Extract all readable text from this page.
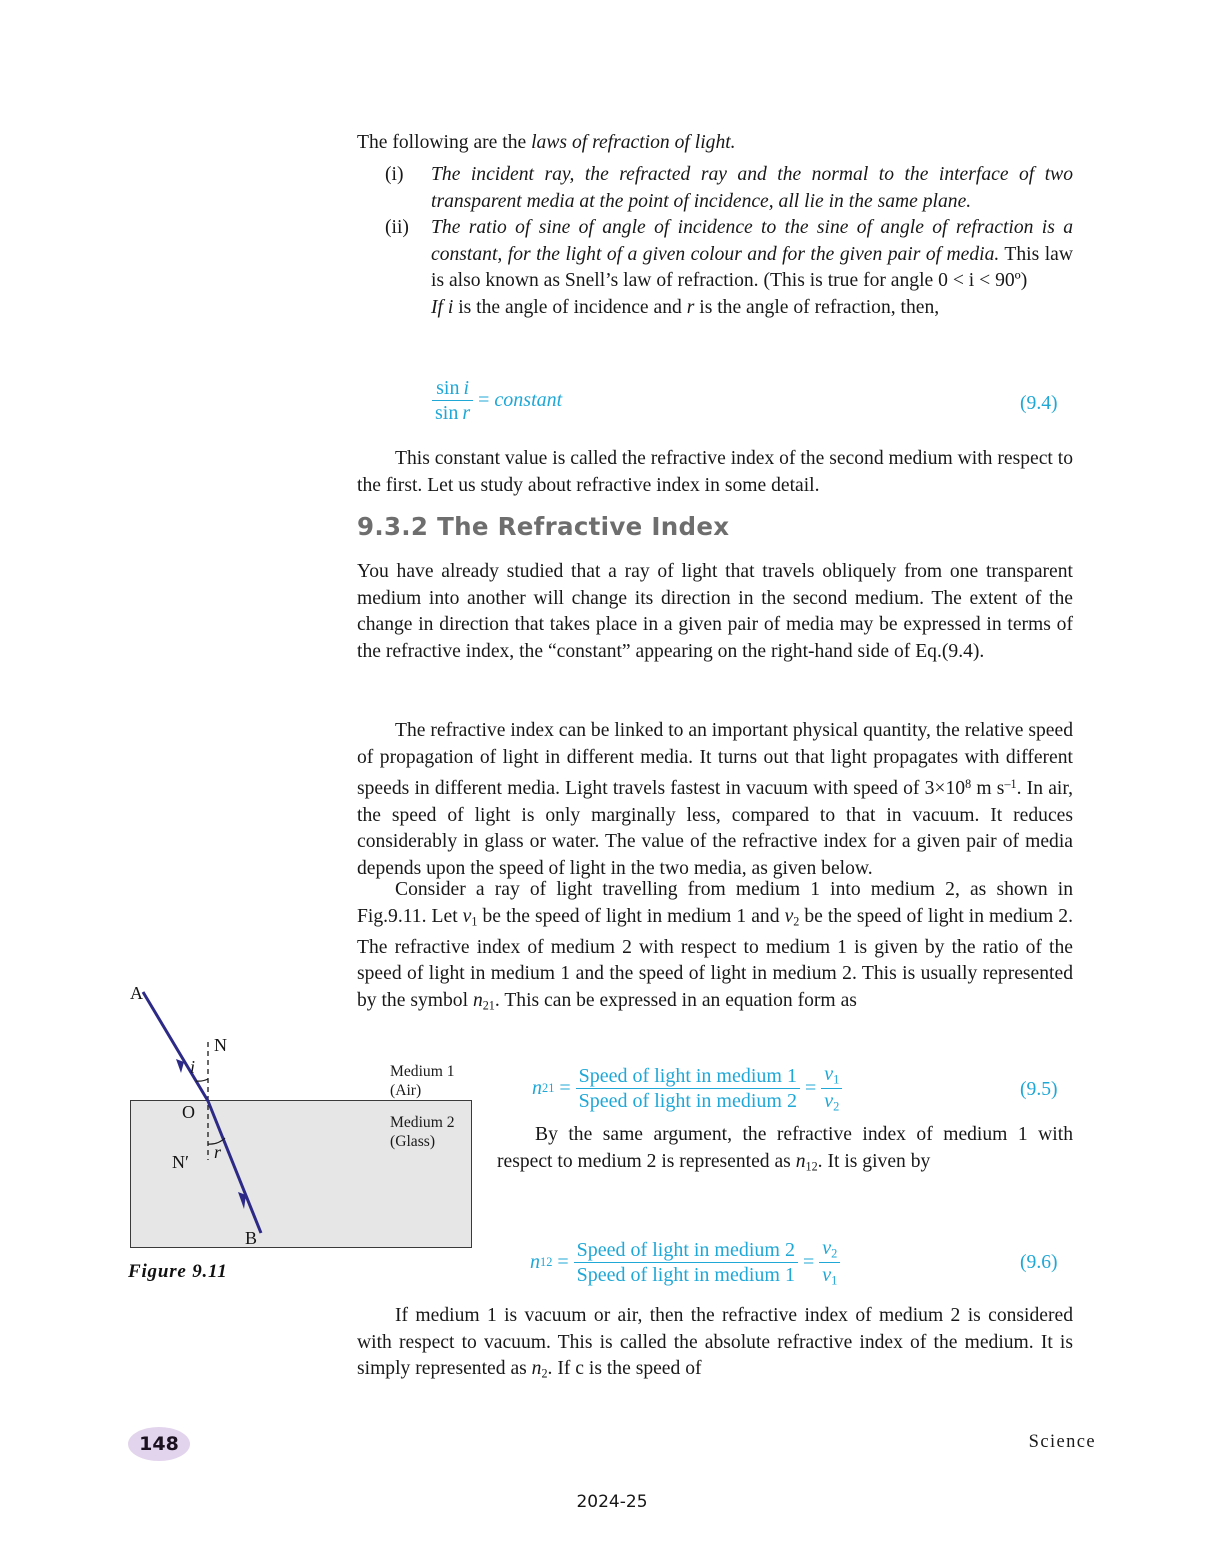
The following are the laws of refraction of light.
(i)	The incident ray, the refracted ray and the normal to the interface of two transparent media at the point of incidence, all lie in the same plane.
(ii)	The ratio of sine of angle of incidence to the sine of angle of refraction is a constant, for the light of a given colour and for the given pair of media. This law is also known as Snell’s law of refraction. (This is true for angle 0 < i < 90º)
If i is the angle of incidence and r is the angle of refraction, then,
$\frac{\text{sin i}}{\text{sin r}}$ = constant	(9.4)
This constant value is called the refractive index of the second medium with respect to the first. Let us study about refractive index in some detail.
9.3.2 The Refractive Index
You have already studied that a ray of light that travels obliquely from one transparent medium into another will change its direction in the second medium. The extent of the change in direction that takes place in a given pair of media may be expressed in terms of the refractive index, the “constant” appearing on the right-hand side of Eq.(9.4).
The refractive index can be linked to an important physical quantity, the relative speed of propagation of light in different media. It turns out that light propagates with different speeds in different media. Light travels fastest in vacuum with speed of $3\times 10^8$ m $s^{-1}$. In air, the speed of light is only marginally less, compared to that in vacuum. It reduces considerably in glass or water. The value of the refractive index for a given pair of media depends upon the speed of light in the two media, as given below.
Consider a ray of light travelling from medium 1 into medium 2, as shown in Fig.9.11. Let $v_1$ be the speed of light in medium 1 and $v_2$ be the speed of light in medium 2. The refractive index of medium 2 with respect to medium 1 is given by the ratio of the speed of light in medium 1 and the speed of light in medium 2. This is usually represented by the symbol $n_{21}$. This can be expressed in an equation form as
A
N
i
O
r
N′
B
Medium 1
(Air)
Medium 2
(Glass)
Figure 9.11
n $21 = \frac{\text{Speed of light in medium 1}}{\text{Speed of light in medium 2}} = \frac{v_1}{v_2}$	(9.5)
By the same argument, the refractive index of medium 1 with respect to medium 2 is represented as $n_{12}$. It is given by
n $12 = \frac{\text{Speed of light in medium 2}}{\text{Speed of light in medium 1}} = \frac{v_2}{v_1}$	(9.6)
If medium 1 is vacuum or air, then the refractive index of medium 2 is considered with respect to vacuum. This is called the absolute refractive index of the medium. It is simply represented as $n_2$. If c is the speed of
148	Science
2024-25
